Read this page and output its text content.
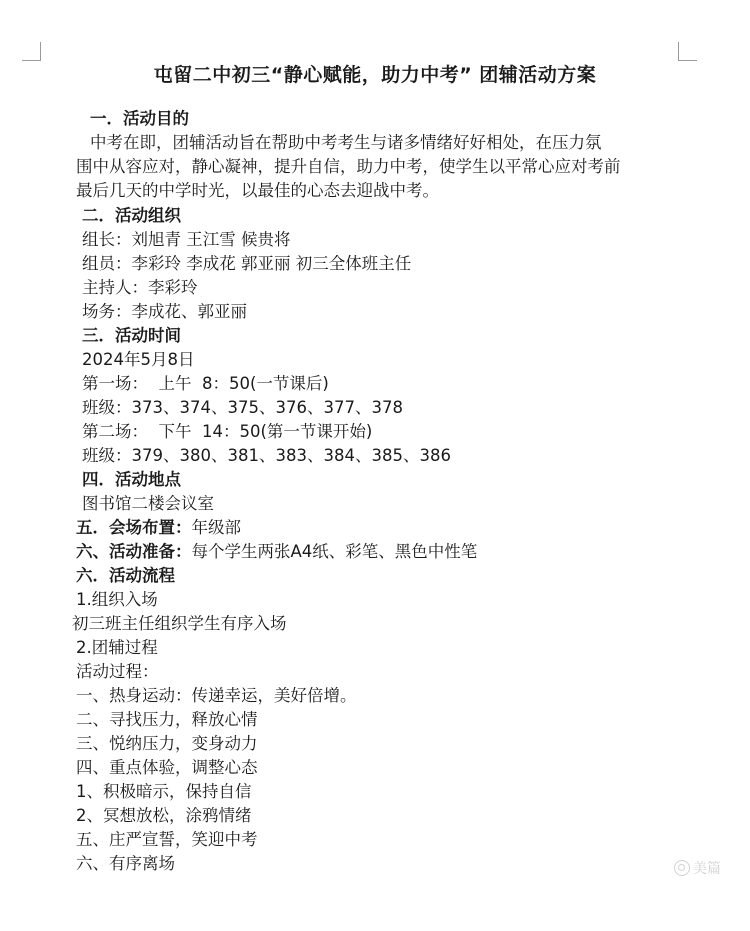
屯留二中初三“静心赋能，助力中考” 团辅活动方案
一．活动目的
中考在即，团辅活动旨在帮助中考考生与诸多情绪好好相处，在压力氛
围中从容应对，静心凝神，提升自信，助力中考，使学生以平常心应对考前
最后几天的中学时光，以最佳的心态去迎战中考。
二．活动组织
组长：刘旭青 王江雪 候贵将
组员：李彩玲 李成花 郭亚丽 初三全体班主任
主持人：李彩玲
场务：李成花、郭亚丽
三．活动时间
2024年5月8日
第一场：  上午  8：50(一节课后)
班级：373、374、375、376、377、378
第二场：  下午  14：50(第一节课开始)
班级：379、380、381、383、384、385、386
四．活动地点
图书馆二楼会议室
五．会场布置：年级部
六、活动准备：每个学生两张A4纸、彩笔、黑色中性笔
六．活动流程
1.组织入场
初三班主任组织学生有序入场
2.团辅过程
活动过程：
一、热身运动：传递幸运，美好倍增。
二、寻找压力，释放心情
三、悦纳压力，变身动力
四、重点体验，调整心态
1、积极暗示，保持自信
2、冥想放松，涂鸦情绪
五、庄严宣誓，笑迎中考
六、有序离场	美篇
